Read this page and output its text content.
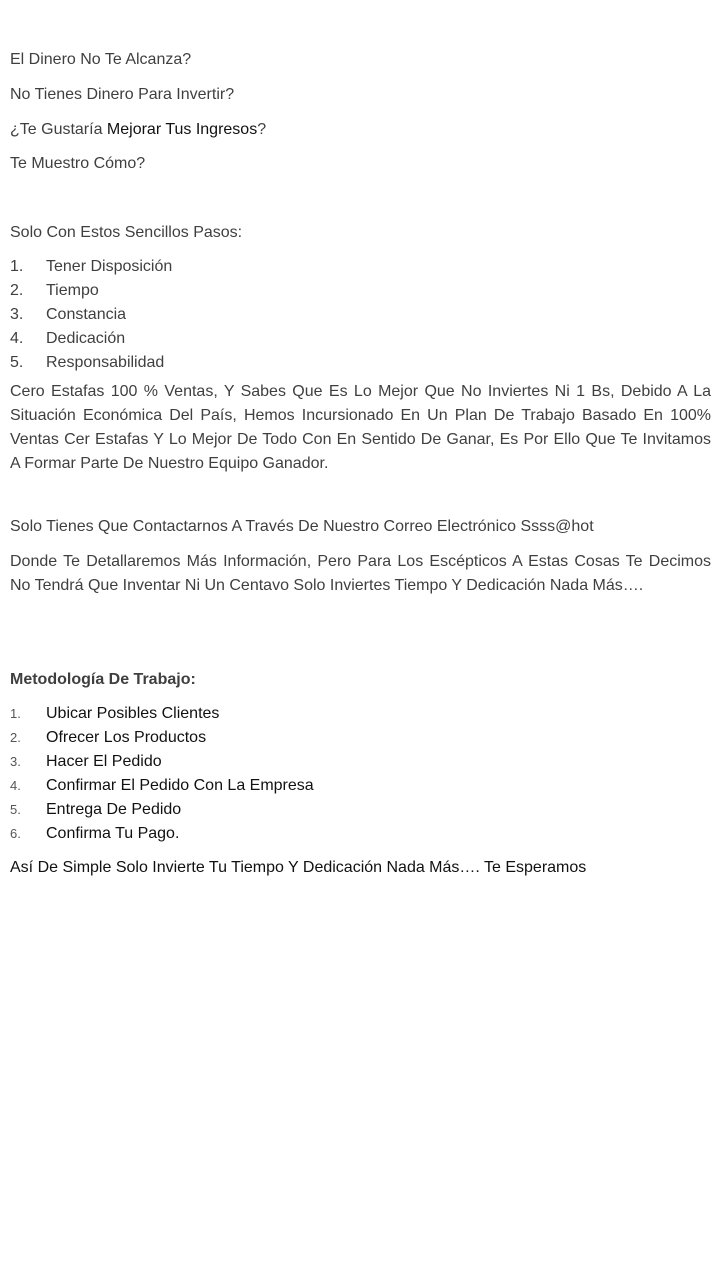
El Dinero No Te Alcanza?
No Tienes Dinero Para Invertir?
¿Te Gustaría Mejorar Tus Ingresos?
Te Muestro Cómo?
Solo Con Estos Sencillos Pasos:
1.	Tener Disposición
2.	Tiempo
3.	Constancia
4.	Dedicación
5.	Responsabilidad
Cero Estafas 100 % Ventas, Y Sabes Que Es Lo Mejor Que No Inviertes Ni 1 Bs, Debido A La Situación Económica Del País, Hemos Incursionado En Un Plan De Trabajo Basado En 100% Ventas Cer Estafas Y Lo Mejor De Todo Con En Sentido De Ganar, Es Por Ello Que Te Invitamos A Formar Parte De Nuestro Equipo Ganador.
Solo Tienes Que Contactarnos A Través De Nuestro Correo Electrónico Ssss@hot
Donde Te Detallaremos Más Información, Pero Para Los Escépticos A Estas Cosas Te Decimos No Tendrá Que Inventar Ni Un Centavo Solo Inviertes Tiempo Y Dedicación Nada Más….
Metodología De Trabajo:
1.	Ubicar Posibles Clientes
2.	Ofrecer Los Productos
3.	Hacer El Pedido
4.	Confirmar El Pedido Con La Empresa
5.	Entrega De Pedido
6.	Confirma Tu Pago.
Así De Simple Solo Invierte Tu Tiempo Y Dedicación Nada Más…. Te Esperamos
